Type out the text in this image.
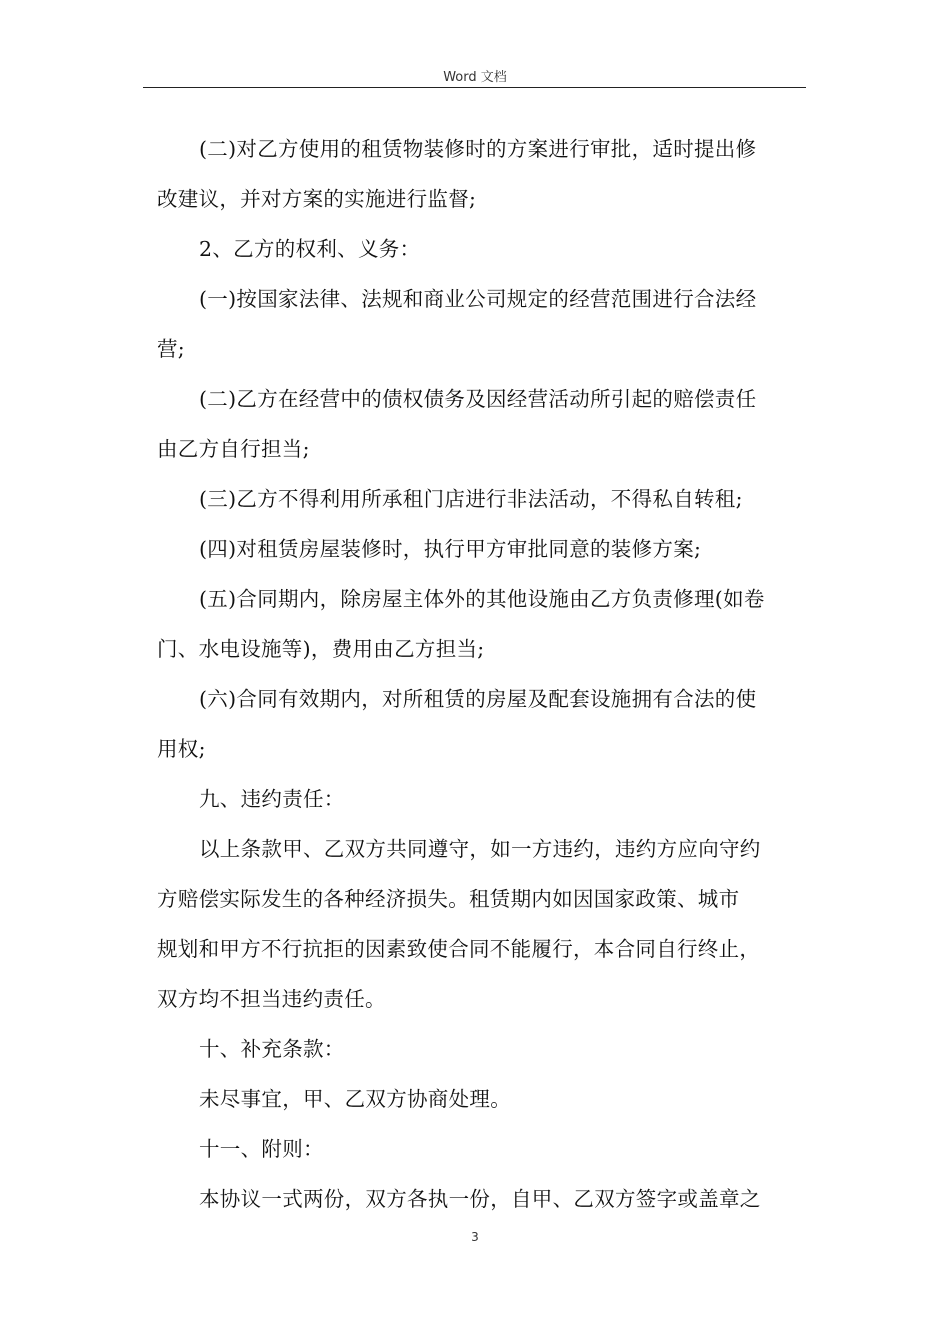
Word 文档

(二)对乙方使用的租赁物装修时的方案进行审批，适时提出修
改建议，并对方案的实施进行监督;

2、乙方的权利、义务：

(一)按国家法律、法规和商业公司规定的经营范围进行合法经
营;

(二)乙方在经营中的债权债务及因经营活动所引起的赔偿责任
由乙方自行担当;

(三)乙方不得利用所承租门店进行非法活动，不得私自转租;

(四)对租赁房屋装修时，执行甲方审批同意的装修方案;

(五)合同期内，除房屋主体外的其他设施由乙方负责修理(如卷
门、水电设施等)，费用由乙方担当;

(六)合同有效期内，对所租赁的房屋及配套设施拥有合法的使
用权;

九、违约责任：

以上条款甲、乙双方共同遵守，如一方违约，违约方应向守约
方赔偿实际发生的各种经济损失。租赁期内如因国家政策、城市
规划和甲方不行抗拒的因素致使合同不能履行，本合同自行终止，
双方均不担当违约责任。

十、补充条款：

未尽事宜，甲、乙双方协商处理。

十一、附则：

本协议一式两份，双方各执一份，自甲、乙双方签字或盖章之

3
